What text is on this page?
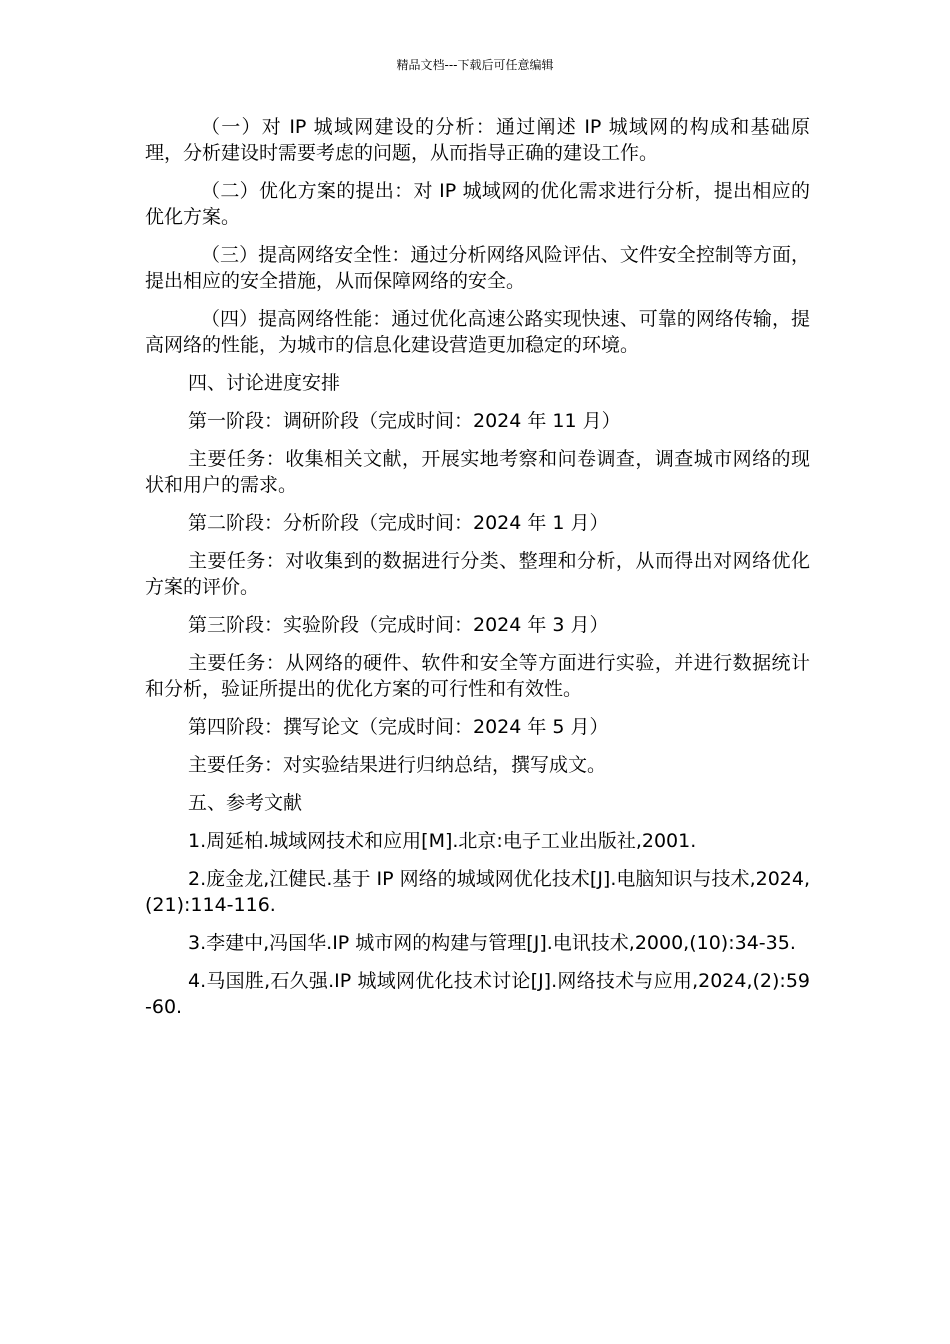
精品文档---下载后可任意编辑

（一）对 IP 城域网建设的分析：通过阐述 IP 城域网的构成和基础原理，分析建设时需要考虑的问题，从而指导正确的建设工作。

（二）优化方案的提出：对 IP 城域网的优化需求进行分析，提出相应的优化方案。

（三）提高网络安全性：通过分析网络风险评估、文件安全控制等方面，提出相应的安全措施，从而保障网络的安全。

（四）提高网络性能：通过优化高速公路实现快速、可靠的网络传输，提高网络的性能，为城市的信息化建设营造更加稳定的环境。

四、讨论进度安排

第一阶段：调研阶段（完成时间：2024 年 11 月）

主要任务：收集相关文献，开展实地考察和问卷调查，调查城市网络的现状和用户的需求。

第二阶段：分析阶段（完成时间：2024 年 1 月）

主要任务：对收集到的数据进行分类、整理和分析，从而得出对网络优化方案的评价。

第三阶段：实验阶段（完成时间：2024 年 3 月）

主要任务：从网络的硬件、软件和安全等方面进行实验，并进行数据统计和分析，验证所提出的优化方案的可行性和有效性。

第四阶段：撰写论文（完成时间：2024 年 5 月）

主要任务：对实验结果进行归纳总结，撰写成文。

五、参考文献

1.周延柏.城域网技术和应用[M].北京:电子工业出版社,2001.

2.庞金龙,江健民.基于 IP 网络的城域网优化技术[J].电脑知识与技术,2024,(21):114-116.

3.李建中,冯国华.IP 城市网的构建与管理[J].电讯技术,2000,(10):34-35.

4.马国胜,石久强.IP 城域网优化技术讨论[J].网络技术与应用,2024,(2):59-60.
